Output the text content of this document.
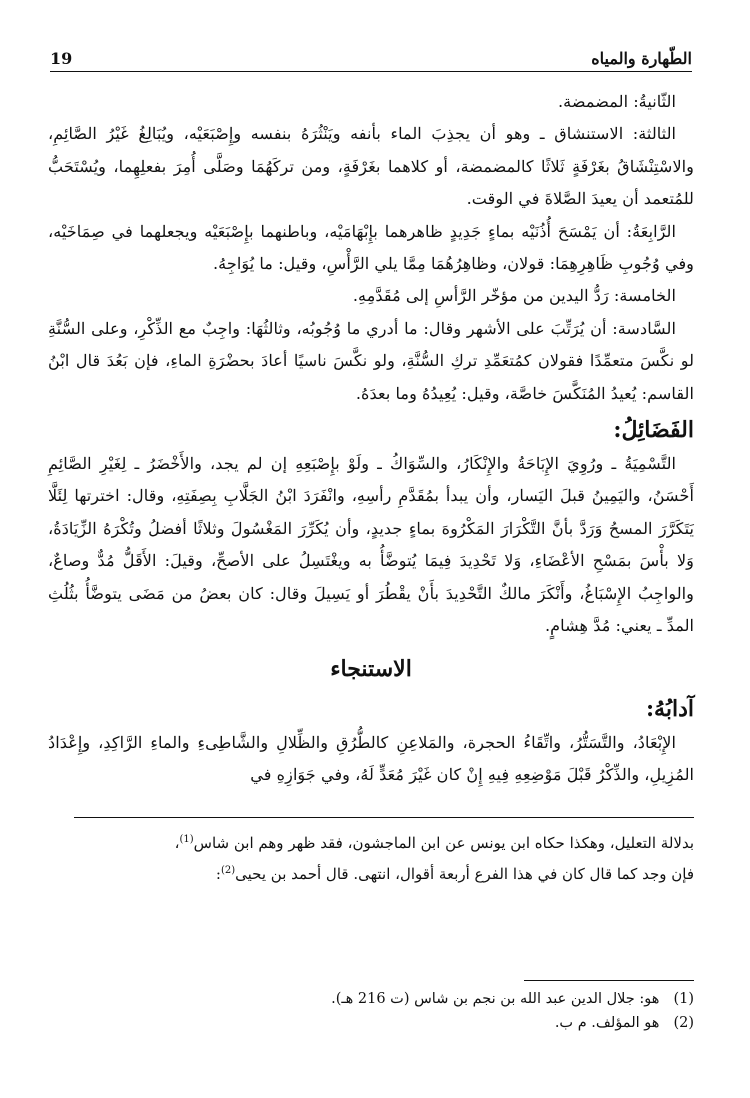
19	الطّهارة والمياه

الثّانيةُ: المضمضة.

الثالثة: الاستنشاق ـ وهو أن يجذِبَ الماء بأنفه ويَنْثُرَهُ بنفسه وإِصْبَعَيْه، ويُبَالِغُ غَيْرُ الصَّائِمِ، والاسْتِنْشَاقُ بغَرْفَةٍ ثَلاثًا كالمضمضة، أو كلاهما بغَرْفَةٍ، ومن تركَهُمَا وصَلَّى أُمِرَ بفعلِهِما، ويُسْتَحَبُّ للمُتعمد أن يعيدَ الصَّلاةَ في الوقت.

الرَّابِعَةُ: أن يَمْسَحَ أُذُنَيْه بماءٍ جَدِيدٍ ظاهرهما بإِبْهَامَيْه، وباطنهما بإِصْبَعَيْه ويجعلهما في صِمَاخَيْه، وفي وُجُوبِ ظَاهِرِهِمَا: قولان، وظاهِرُهُمَا مِمَّا يلي الرَّأْسِ، وقيل: ما يُوَاجِهُ.

الخامسة: رَدُّ اليدين من مؤخّر الرَّأسِ إلى مُقَدَّمِهِ.

السَّادسة: أن يُرَتِّبَ على الأشهر وقال: ما أدري ما وُجُوبُه، وثالثُهَا: واجِبٌ مع الذِّكْرِ، وعلى السُّنَّةِ لو نكَّسَ متعمِّدًا فقولان كمُتعَمِّدِ تركِ السُّنَّةِ، ولو نكَّسَ ناسيًا أعادَ بحضْرَةِ الماءِ، فإن بَعُدَ قال ابْنُ القاسم: يُعيدُ المُنَكَّسَ خاصَّة، وقيل: يُعِيدُهُ وما بعدَهُ.

الفَضَائِلُ:

التَّسْمِيَةُ ـ ورُوِيَ الإِبَاحَةُ والإِنْكَارُ، والسِّوَاكُ ـ ولَوْ بإِصْبَعِهِ إن لم يجد، والأَخْضَرُ ـ لِغَيْرِ الصَّائِمِ أَحْسَنُ، واليَمِينُ قبلَ اليَسار، وأن يبدأ بمُقَدَّمِ رأسِهِ، وانْفَرَدَ ابْنُ الجَلَّابِ بِصِفَتِهِ، وقال: اخترتها لِئَلَّا يَتَكَرَّرَ المسحُ وَرَدَّ بأنَّ التَّكْرَارَ المَكْرُوهَ بماءٍ جديدٍ، وأن يُكَرِّرَ المَغْسُولَ وثلاثًا أفضلُ وتُكْرَهُ الزِّيَادَةُ، وَلا بأْسَ بمَسْحِ الأعْضَاءِ، وَلا تَحْدِيدَ فِيمَا يُتوضَّأُ به ويغْتَسِلُ على الأصحِّ، وقيلَ: الأَقَلُّ مُدٌّ وصاعٌ، والواجِبُ الإِسْبَاغُ، وأَنْكَرَ مالكٌ التَّحْدِيدَ بأَنْ يقْطُرَ أو يَسِيلَ وقال: كان بعضُ من مَضَى يتوضَّأُ بثُلُثِ المدِّ ـ يعني: مُدَّ هِشامٍ.

الاستنجاء
آدابُهُ:

الإِبْعَادُ، والتَّسَتُّرُ، واتِّقَاءُ الحجرة، والمَلاعِنِ كالطُّرُقِ والظِّلالِ والشَّاطِىءِ والماءِ الرَّاكِدِ، وإِعْدَادُ المُزِيلِ، والذِّكْرُ قَبْلَ مَوْضِعِهِ فِيهِ إِنْ كان غَيْرَ مُعَدٍّ لَهُ، وفي جَوَازِهِ في

بدلالة التعليل، وهكذا حكاه ابن يونس عن ابن الماجشون، فقد ظهر وهم ابن شاس$^{(1)}$،

فإن وجد كما قال كان في هذا الفرع أربعة أقوال، انتهى. قال أحمد بن يحيى$^{(2)}$:

(1) هو: جلال الدين عبد الله بن نجم بن شاس (ت 216 هـ).

(2) هو المؤلف. م ب.
